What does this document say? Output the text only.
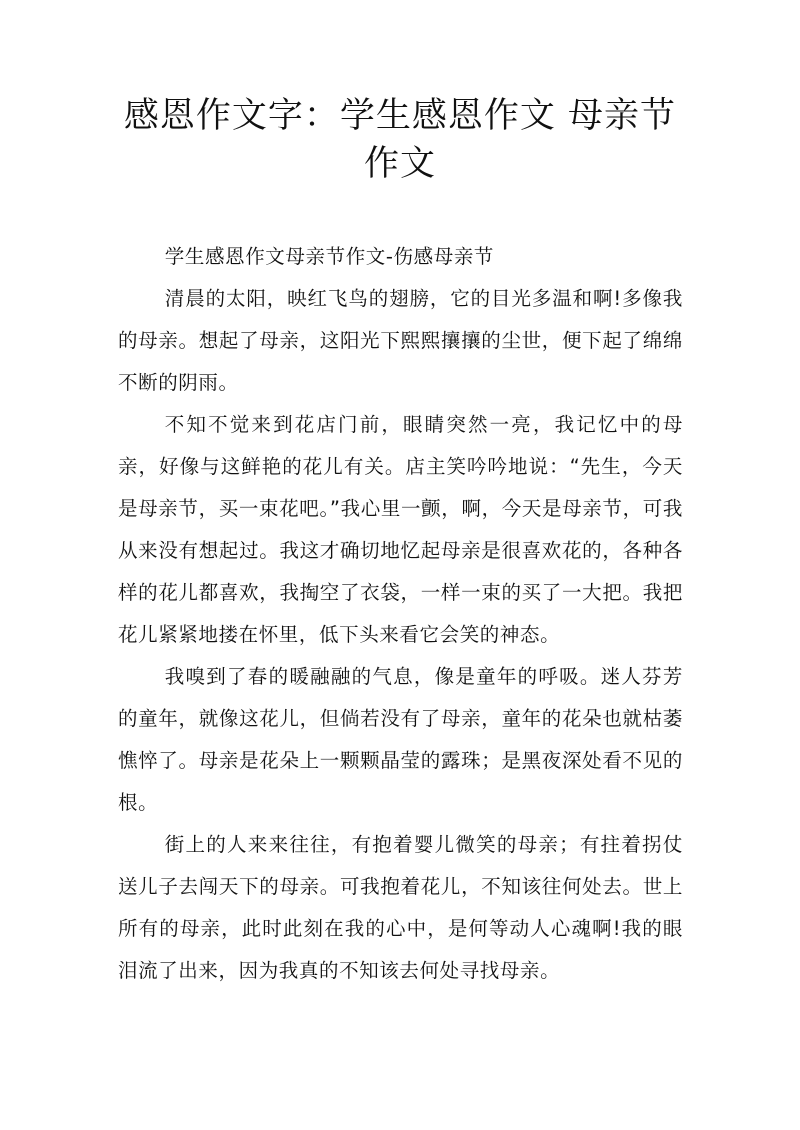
感恩作文字：学生感恩作文 母亲节作文

学生感恩作文母亲节作文-伤感母亲节

清晨的太阳，映红飞鸟的翅膀，它的目光多温和啊!多像我的母亲。想起了母亲，这阳光下熙熙攘攘的尘世，便下起了绵绵不断的阴雨。

不知不觉来到花店门前，眼睛突然一亮，我记忆中的母亲，好像与这鲜艳的花儿有关。店主笑吟吟地说：“先生，今天是母亲节，买一束花吧。”我心里一颤，啊，今天是母亲节，可我从来没有想起过。我这才确切地忆起母亲是很喜欢花的，各种各样的花儿都喜欢，我掏空了衣袋，一样一束的买了一大把。我把花儿紧紧地搂在怀里，低下头来看它会笑的神态。

我嗅到了春的暖融融的气息，像是童年的呼吸。迷人芬芳的童年，就像这花儿，但倘若没有了母亲，童年的花朵也就枯萎憔悴了。母亲是花朵上一颗颗晶莹的露珠；是黑夜深处看不见的根。

街上的人来来往往，有抱着婴儿微笑的母亲；有拄着拐仗送儿子去闯天下的母亲。可我抱着花儿，不知该往何处去。世上所有的母亲，此时此刻在我的心中，是何等动人心魂啊!我的眼泪流了出来，因为我真的不知该去何处寻找母亲。
